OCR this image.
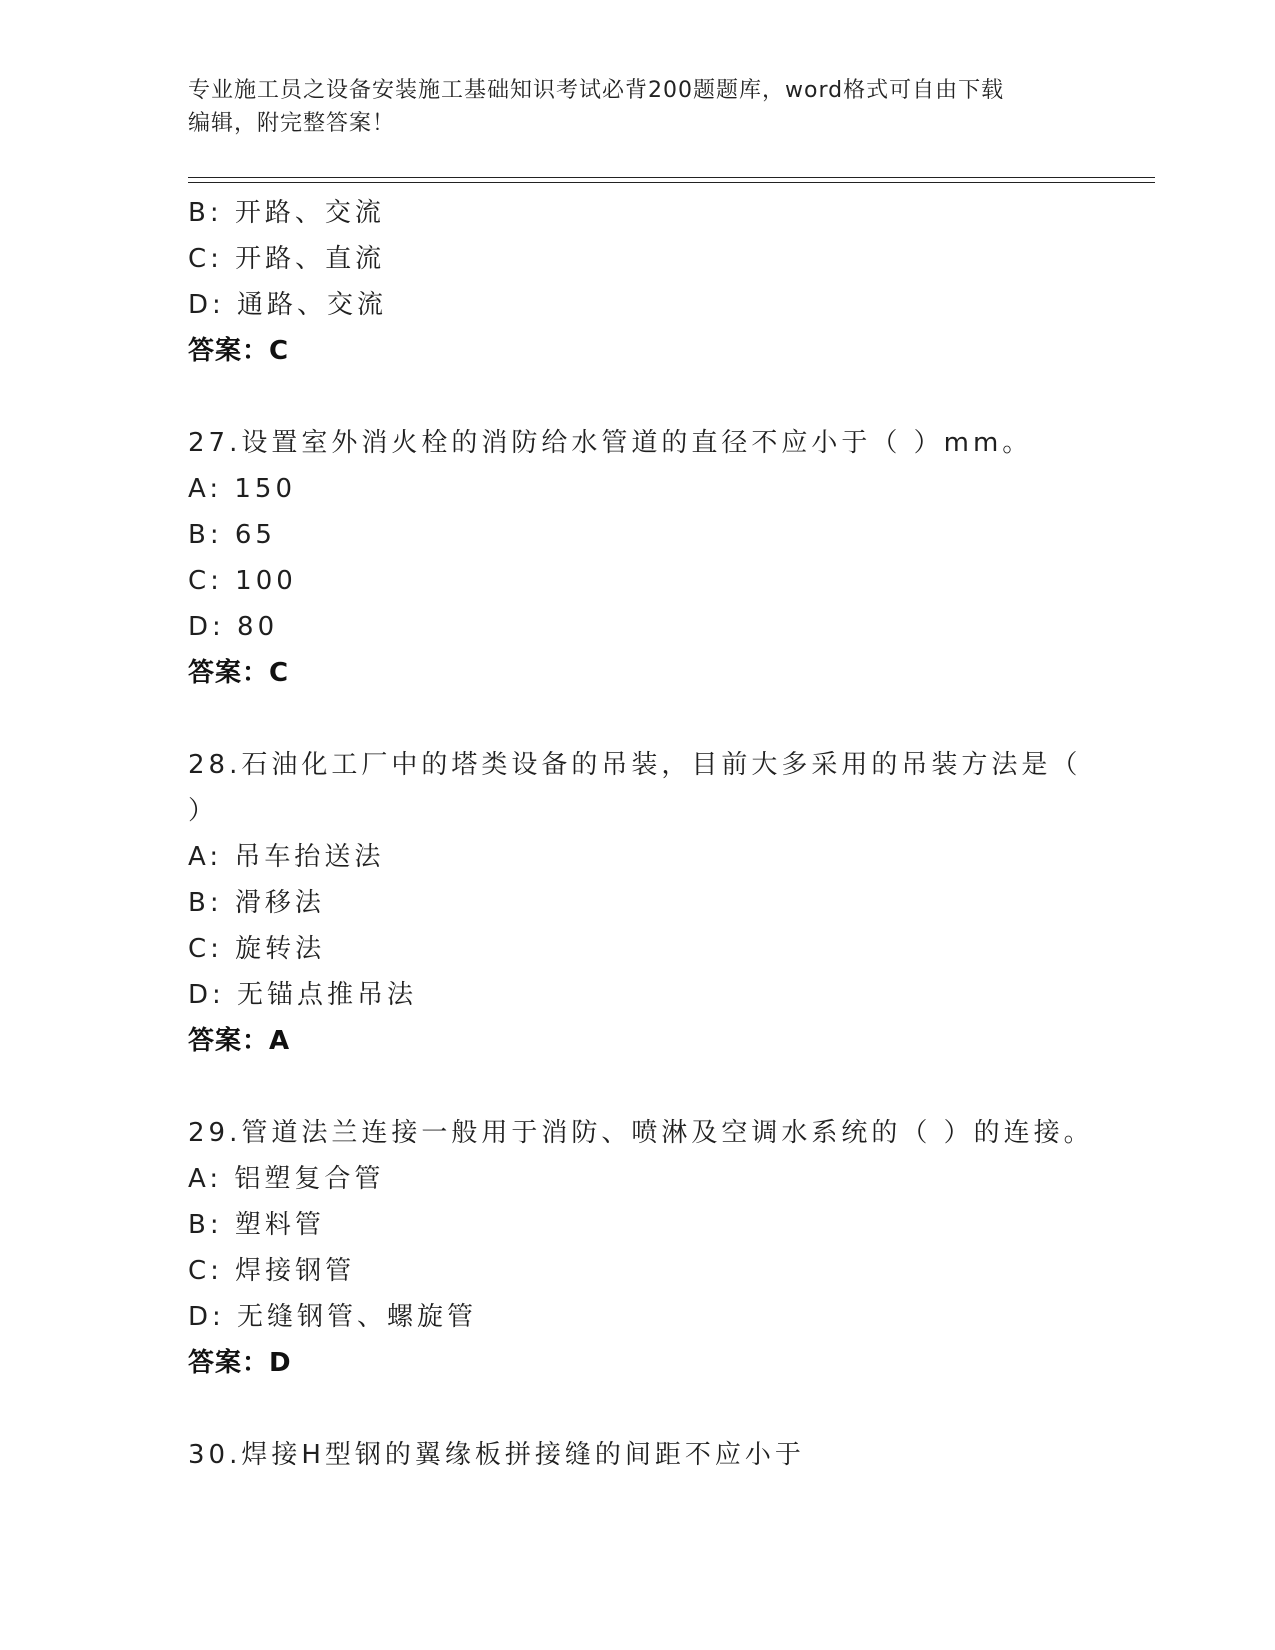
专业施工员之设备安装施工基础知识考试必背200题题库，word格式可自由下载
编辑，附完整答案！
B: 开路、交流
C: 开路、直流
D: 通路、交流
答案：C
27.设置室外消火栓的消防给水管道的直径不应小于（ ）mm。
A: 150
B: 65
C: 100
D: 80
答案：C
28.石油化工厂中的塔类设备的吊装，目前大多采用的吊装方法是（
）
A: 吊车抬送法
B: 滑移法
C: 旋转法
D: 无锚点推吊法
答案：A
29.管道法兰连接一般用于消防、喷淋及空调水系统的（ ）的连接。
A: 铝塑复合管
B: 塑料管
C: 焊接钢管
D: 无缝钢管、螺旋管
答案：D
30.焊接H型钢的翼缘板拼接缝的间距不应小于
